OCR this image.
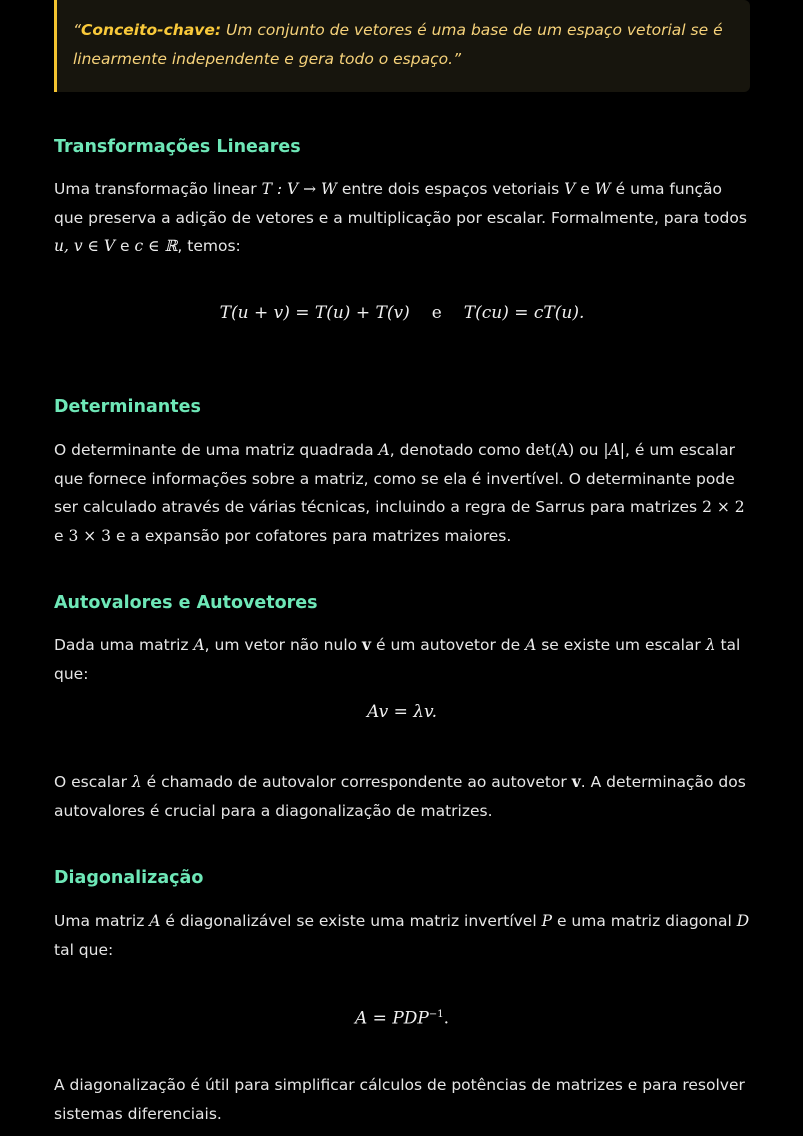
“Conceito-chave: Um conjunto de vetores é uma base de um espaço vetorial se é linearmente independente e gera todo o espaço.”
Transformações Lineares

Uma transformação linear T : V → W entre dois espaços vetoriais V e W é uma função que preserva a adição de vetores e a multiplicação por escalar. Formalmente, para todos u, v ∈ V e c ∈ ℝ, temos:

T(u + v) = T(u) + T(v) e T(cu) = cT(u).
Determinantes

O determinante de uma matriz quadrada A, denotado como det(A) ou |A|, é um escalar que fornece informações sobre a matriz, como se ela é invertível. O determinante pode ser calculado através de várias técnicas, incluindo a regra de Sarrus para matrizes 2 × 2 e 3 × 3 e a expansão por cofatores para matrizes maiores.

Autovalores e Autovetores

Dada uma matriz A, um vetor não nulo v é um autovetor de A se existe um escalar λ tal que:

Av = λv.

O escalar λ é chamado de autovalor correspondente ao autovetor v. A determinação dos autovalores é crucial para a diagonalização de matrizes.

Diagonalização

Uma matriz A é diagonalizável se existe uma matriz invertível P e uma matriz diagonal D tal que:

$A = PDP^{-1}$.

A diagonalização é útil para simplificar cálculos de potências de matrizes e para resolver sistemas diferenciais.
